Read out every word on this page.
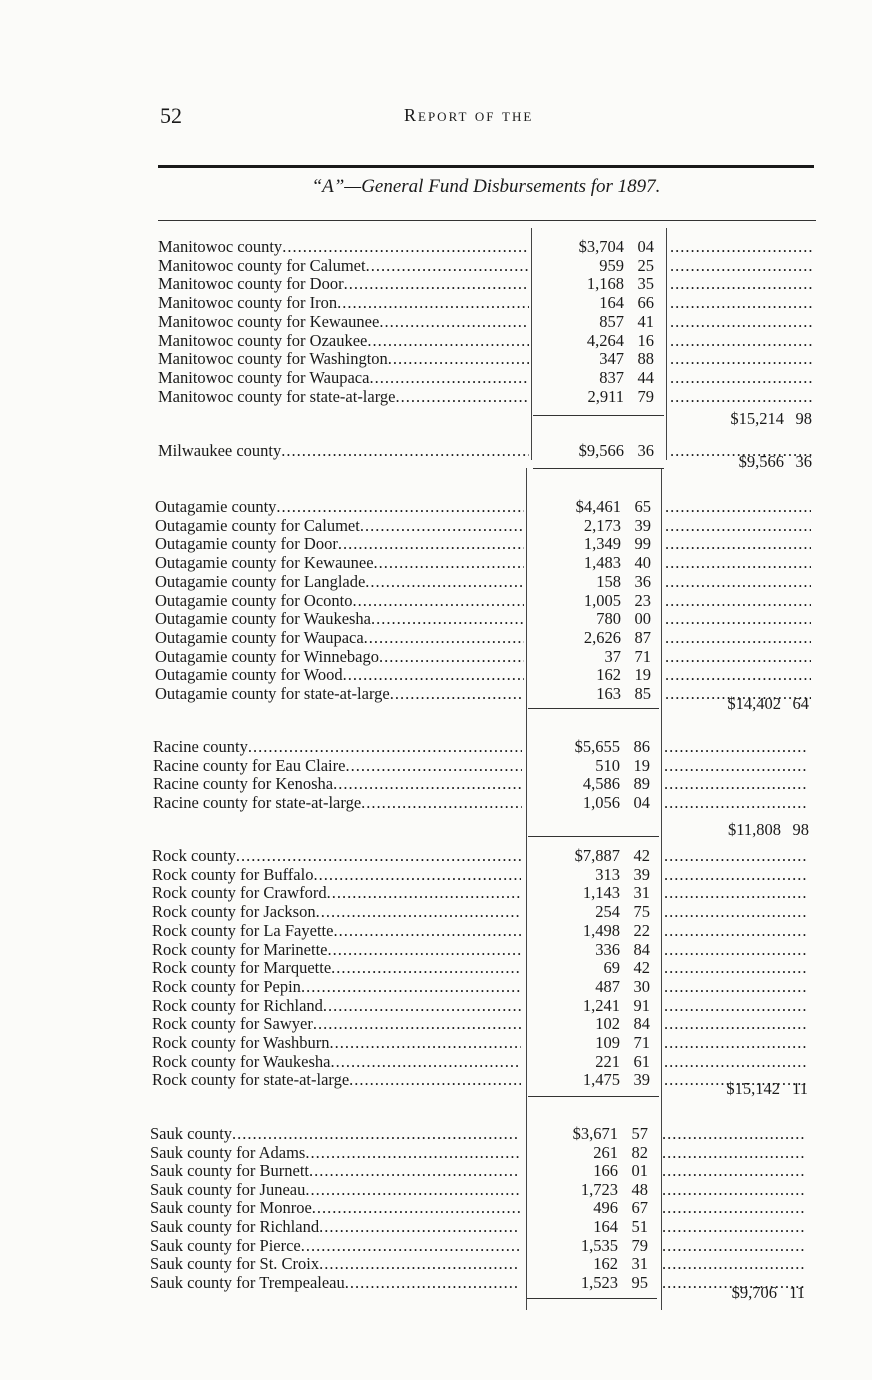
52	Report of the
“A”—General Fund Disbursements for 1897.
Manitowoc county .....	$3,704 04
.....
Manitowoc county for Calumet .....	959 25
.....
Manitowoc county for Door .....	1,168 35
.....
Manitowoc county for Iron .....	164 66
.....
Manitowoc county for Kewaunee .....	857 41
.....
Manitowoc county for Ozaukee .....	4,264 16
.....
Manitowoc county for Washington .....	347 88
.....
Manitowoc county for Waupaca .....	837 44
.....
Manitowoc county for state-at-large .....	2,911 79
.....
$15,214 98
Milwaukee county .....	$9,566 36
.....
$9,566 36
Outagamie county .....	$4,461 65
.....
Outagamie county for Calumet .....	2,173 39
.....
Outagamie county for Door .....	1,349 99
.....
Outagamie county for Kewaunee .....	1,483 40
.....
Outagamie county for Langlade .....	158 36
.....
Outagamie county for Oconto .....	1,005 23
.....
Outagamie county for Waukesha .....	780 00
.....
Outagamie county for Waupaca .....	2,626 87
.....
Outagamie county for Winnebago .....	37 71
.....
Outagamie county for Wood .....	162 19
.....
Outagamie county for state-at-large .....	163 85
.....
$14,402 64
Racine county .....	$5,655 86
.....
Racine county for Eau Claire .....	510 19
.....
Racine county for Kenosha .....	4,586 89
.....
Racine county for state-at-large .....	1,056 04
.....
$11,808 98
Rock county .....	$7,887 42
.....
Rock county for Buffalo .....	313 39
.....
Rock county for Crawford .....	1,143 31
.....
Rock county for Jackson .....	254 75
.....
Rock county for La Fayette .....	1,498 22
.....
Rock county for Marinette .....	336 84
.....
Rock county for Marquette .....	69 42
.....
Rock county for Pepin .....	487 30
.....
Rock county for Richland .....	1,241 91
.....
Rock county for Sawyer .....	102 84
.....
Rock county for Washburn .....	109 71
.....
Rock county for Waukesha .....	221 61
.....
Rock county for state-at-large .....	1,475 39 .....	$15,142 11
Sauk county .....	$3,671 57
.....
Sauk county for Adams .....	261 82
.....
Sauk county for Burnett .....	166 01
.....
Sauk county for Juneau .....	1,723 48
.....
Sauk county for Monroe .....	496 67
.....
Sauk county for Richland .....	164 51
.....
Sauk county for Pierce .....	1,535 79
.....
Sauk county for St. Croix .....	162 31
.....
Sauk county for Trempealeau .....	1,523 95
.....
$9,706 11
